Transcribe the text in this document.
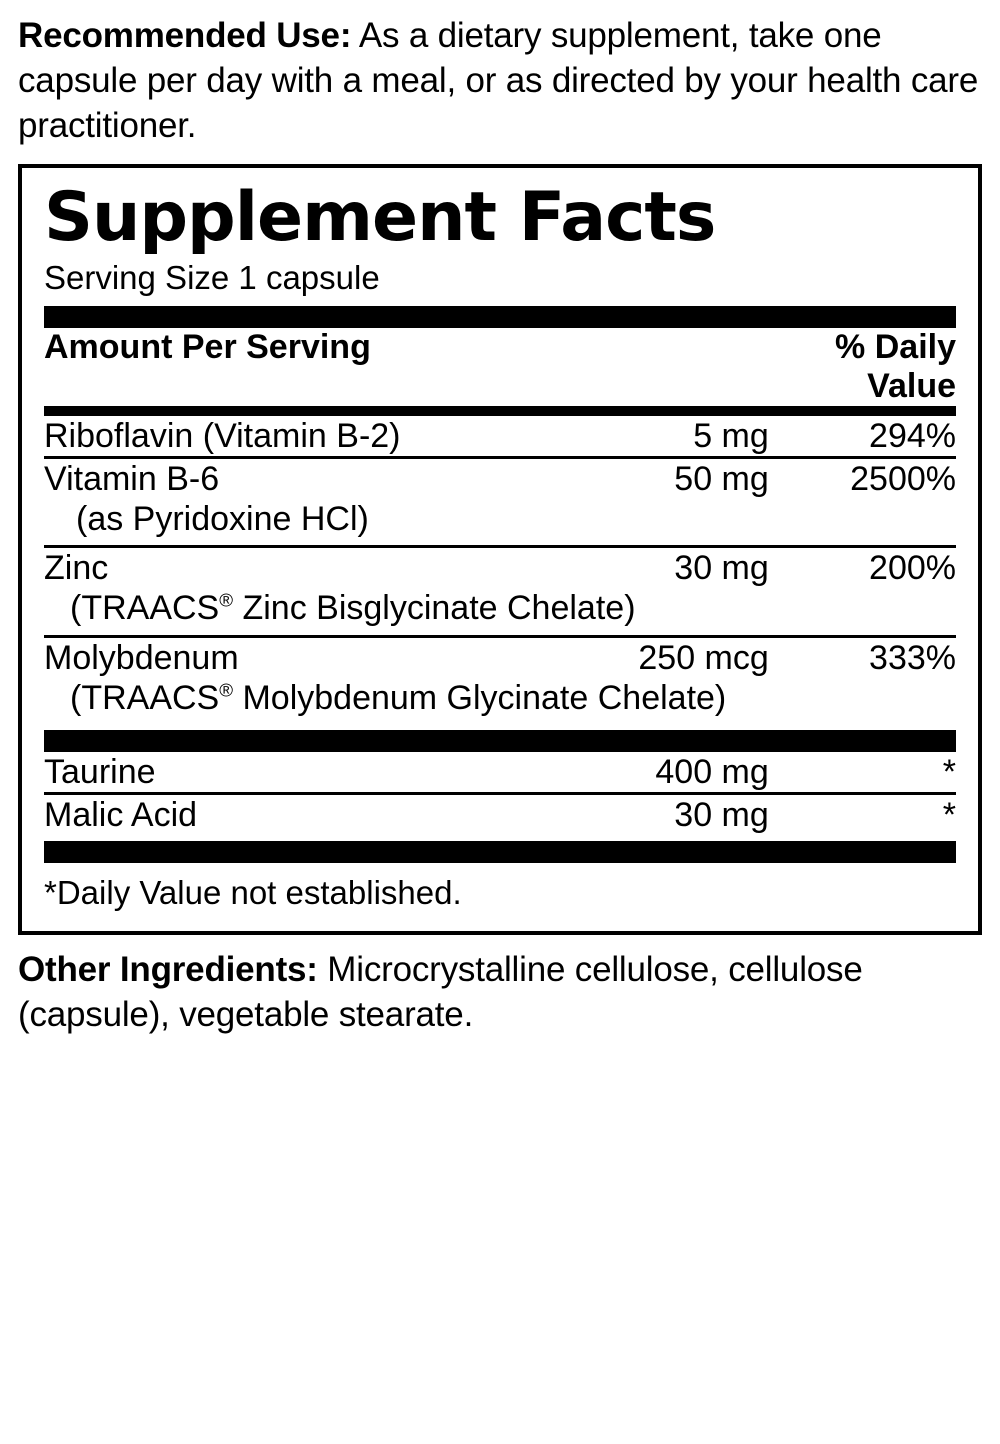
Recommended Use: As a dietary supplement, take one capsule per day with a meal, or as directed by your health care practitioner.
Supplement Facts
Serving Size 1 capsule
Amount Per Serving		% Daily Value
Riboflavin (Vitamin B-2)	5 mg	294%
Vitamin B-6	50 mg	2500%
(as Pyridoxine HCl)
Zinc	30 mg	200%
(TRAACS® Zinc Bisglycinate Chelate)
Molybdenum	250 mcg	333%
(TRAACS® Molybdenum Glycinate Chelate)
Taurine	400 mg	*
Malic Acid	30 mg	*
*Daily Value not established.
Other Ingredients: Microcrystalline cellulose, cellulose (capsule), vegetable stearate.
